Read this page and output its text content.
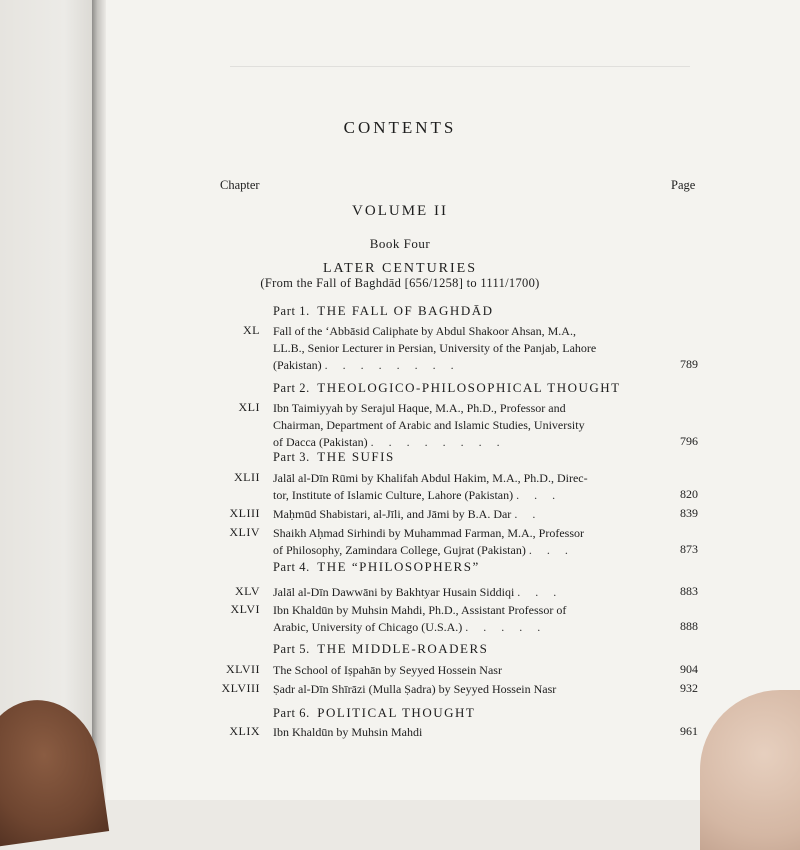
CONTENTS
Chapter	Page
VOLUME II
Book Four
LATER CENTURIES
(From the Fall of Baghdād [656/1258] to 1111/1700)
Part 1. THE FALL OF BAGHDĀD
Part 2. THEOLOGICO-PHILOSOPHICAL THOUGHT
Part 3. THE SUFIS
Part 4. THE “PHILOSOPHERS”
Part 5. THE MIDDLE-ROADERS
Part 6. POLITICAL THOUGHT
XL Fall of the ‘Abbāsid Caliphate by Abdul Shakoor Ahsan, M.A.,
LL.B., Senior Lecturer in Persian, University of the Panjab, Lahore
(Pakistan) . . . . . . . .	789
XLI Ibn Taimiyyah by Serajul Haque, M.A., Ph.D., Professor and
Chairman, Department of Arabic and Islamic Studies, University
of Dacca (Pakistan) . . . . . . . .	796
XLII Jalāl al-Dīn Rūmi by Khalifah Abdul Hakim, M.A., Ph.D., Direc-
tor, Institute of Islamic Culture, Lahore (Pakistan) . . .	820
XLIII Maḥmūd Shabistari, al-Jīli, and Jāmi by B.A. Dar . .	839
XLIV Shaikh Aḥmad Sirhindi by Muhammad Farman, M.A., Professor
of Philosophy, Zamindara College, Gujrat (Pakistan) . . .	873
XLV Jalāl al-Dīn Dawwāni by Bakhtyar Husain Siddiqi . . .	883
XLVI Ibn Khaldūn by Muhsin Mahdi, Ph.D., Assistant Professor of
Arabic, University of Chicago (U.S.A.) . . . . .	888
XLVII The School of Iṣpahān by Seyyed Hossein Nasr	904
XLVIII Ṣadr al-Dīn Shīrāzi (Mulla Ṣadra) by Seyyed Hossein Nasr	932
XLIX Ibn Khaldūn by Muhsin Mahdi	961
